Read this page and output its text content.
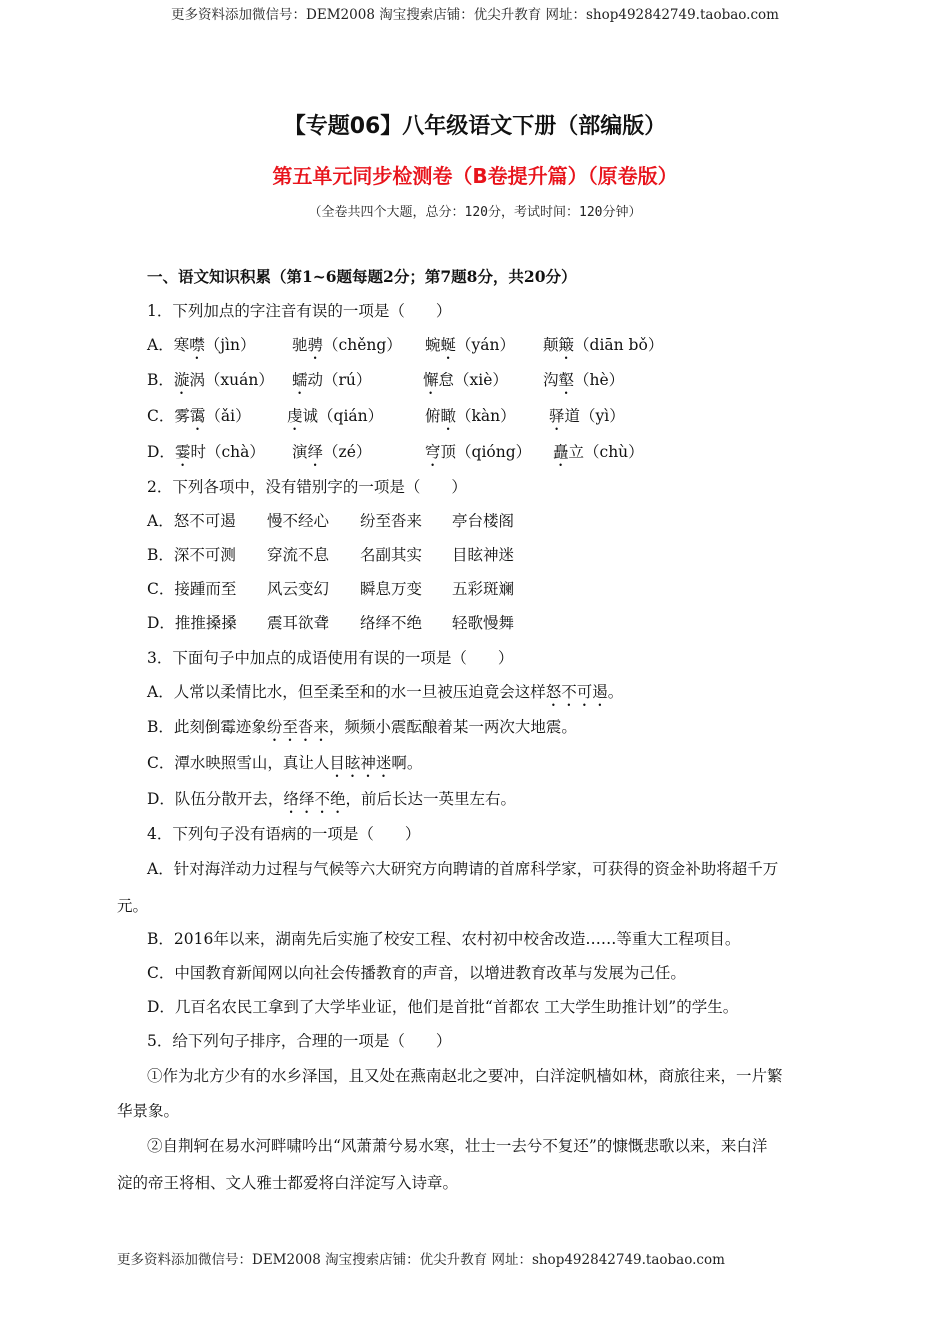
更多资料添加微信号：DEM2008 淘宝搜索店铺：优尖升教育 网址：shop492842749.taobao.com
【专题06】八年级语文下册（部编版）
第五单元同步检测卷（B卷提升篇）（原卷版）
（全卷共四个大题，总分：120分，考试时间：120分钟）
一、语文知识积累（第1~6题每题2分；第7题8分，共20分）
1．下列加点的字注音有误的一项是（　　）
A．寒噤（jìn） 驰骋（chěng） 蜿蜒（yán） 颠簸（diān bǒ）
B．漩涡（xuán） 蠕动（rú）	懈怠（xiè） 沟壑（hè）
C．雾霭（ǎi） 虔诚（qián）	俯瞰（kàn） 驿道（yì）
D．霎时（chà） 演绎（zé）	穹顶（qióng） 矗立（chù）
2．下列各项中，没有错别字的一项是（　　）
A．怒不可遏 慢不经心 纷至沓来 亭台楼阁
B．深不可测 穿流不息 名副其实 目眩神迷
C．接踵而至 风云变幻 瞬息万变 五彩斑斓
D．推推搡搡 震耳欲聋 络绎不绝 轻歌慢舞
3．下面句子中加点的成语使用有误的一项是（　　）
A．人常以柔情比水，但至柔至和的水一旦被压迫竟会这样怒不可遏。
B．此刻倒霉迹象纷至沓来，频频小震酝酿着某一两次大地震。
C．潭水映照雪山，真让人目眩神迷啊。
D．队伍分散开去，络绎不绝，前后长达一英里左右。
4．下列句子没有语病的一项是（　　）
A．针对海洋动力过程与气候等六大研究方向聘请的首席科学家，可获得的资金补助将超千万
元。
B．2016年以来，湖南先后实施了校安工程、农村初中校舍改造……等重大工程项目。
C．中国教育新闻网以向社会传播教育的声音，以增进教育改革与发展为己任。
D．几百名农民工拿到了大学毕业证，他们是首批“首都农 工大学生助推计划”的学生。
5．给下列句子排序，合理的一项是（　　）
①作为北方少有的水乡泽国，且又处在燕南赵北之要冲，白洋淀帆樯如林，商旅往来，一片繁
华景象。
②自荆轲在易水河畔啸吟出“风萧萧兮易水寒，壮士一去兮不复还”的慷慨悲歌以来，来白洋
淀的帝王将相、文人雅士都爱将白洋淀写入诗章。
更多资料添加微信号：DEM2008 淘宝搜索店铺：优尖升教育 网址：shop492842749.taobao.com
